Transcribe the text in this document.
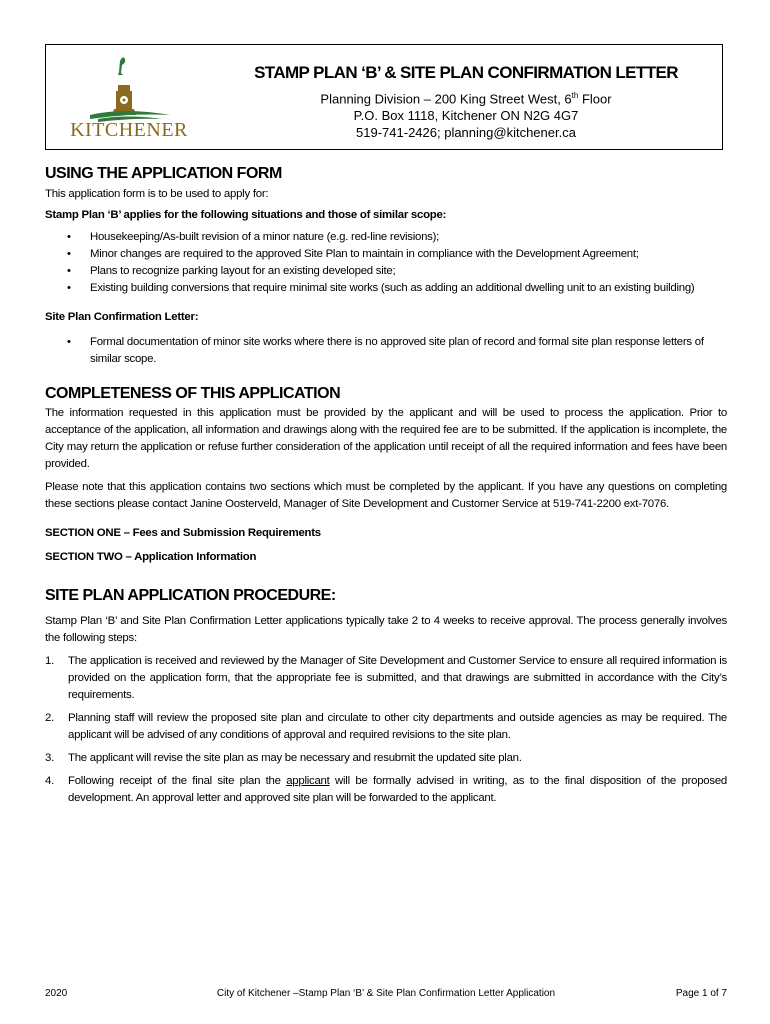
KITCHENER
STAMP PLAN ‘B’ & SITE PLAN CONFIRMATION LETTER
Planning Division – 200 King Street West, 6th Floor
P.O. Box 1118, Kitchener ON N2G 4G7
519-741-2426; planning@kitchener.ca
USING THE APPLICATION FORM

This application form is to be used to apply for:

Stamp Plan ‘B’ applies for the following situations and those of similar scope:

• Housekeeping/As-built revision of a minor nature (e.g. red-line revisions);
• Minor changes are required to the approved Site Plan to maintain in compliance with the Development Agreement;
• Plans to recognize parking layout for an existing developed site;
• Existing building conversions that require minimal site works (such as adding an additional dwelling unit to an existing building)

Site Plan Confirmation Letter:

• Formal documentation of minor site works where there is no approved site plan of record and formal site plan response letters of similar scope.
COMPLETENESS OF THIS APPLICATION

The information requested in this application must be provided by the applicant and will be used to process the application. Prior to acceptance of the application, all information and drawings along with the required fee are to be submitted. If the application is incomplete, the City may return the application or refuse further consideration of the application until receipt of all the required information and fees have been provided.

Please note that this application contains two sections which must be completed by the applicant. If you have any questions on completing these sections please contact Janine Oosterveld, Manager of Site Development and Customer Service at 519-741-2200 ext-7076.

SECTION ONE – Fees and Submission Requirements

SECTION TWO – Application Information

SITE PLAN APPLICATION PROCEDURE:

Stamp Plan ‘B’ and Site Plan Confirmation Letter applications typically take 2 to 4 weeks to receive approval. The process generally involves the following steps:

1. The application is received and reviewed by the Manager of Site Development and Customer Service to ensure all required information is provided on the application form, that the appropriate fee is submitted, and that drawings are submitted in accordance with the City’s requirements.
2. Planning staff will review the proposed site plan and circulate to other city departments and outside agencies as may be required. The applicant will be advised of any conditions of approval and required revisions to the site plan.
3. The applicant will revise the site plan as may be necessary and resubmit the updated site plan.
4. Following receipt of the final site plan the applicant will be formally advised in writing, as to the final disposition of the proposed development. An approval letter and approved site plan will be forwarded to the applicant.
2020	City of Kitchener –Stamp Plan ‘B’ & Site Plan Confirmation Letter Application	Page 1 of 7
